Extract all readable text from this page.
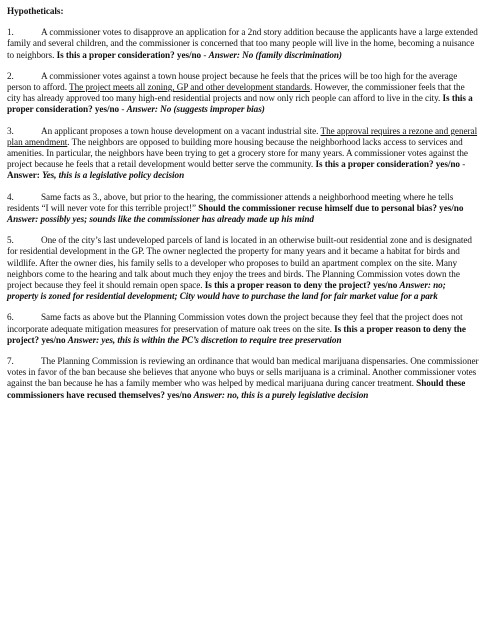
Hypotheticals:
1.	A commissioner votes to disapprove an application for a 2nd story addition because the applicants have a large extended family and several children, and the commissioner is concerned that too many people will live in the home, becoming a nuisance to neighbors. Is this a proper consideration? yes/no - Answer: No (family discrimination)
2.	A commissioner votes against a town house project because he feels that the prices will be too high for the average person to afford. The project meets all zoning, GP and other development standards. However, the commissioner feels that the city has already approved too many high-end residential projects and now only rich people can afford to live in the city. Is this a proper consideration? yes/no - Answer: No (suggests improper bias)
3.	An applicant proposes a town house development on a vacant industrial site. The approval requires a rezone and general plan amendment. The neighbors are opposed to building more housing because the neighborhood lacks access to services and amenities. In particular, the neighbors have been trying to get a grocery store for many years. A commissioner votes against the project because he feels that a retail development would better serve the community. Is this a proper consideration? yes/no - Answer: Yes, this is a legislative policy decision
4.	Same facts as 3., above, but prior to the hearing, the commissioner attends a neighborhood meeting where he tells residents “I will never vote for this terrible project!” Should the commissioner recuse himself due to personal bias? yes/no Answer: possibly yes; sounds like the commissioner has already made up his mind
5.	One of the city’s last undeveloped parcels of land is located in an otherwise built-out residential zone and is designated for residential development in the GP. The owner neglected the property for many years and it became a habitat for birds and wildlife. After the owner dies, his family sells to a developer who proposes to build an apartment complex on the site. Many neighbors come to the hearing and talk about much they enjoy the trees and birds. The Planning Commission votes down the project because they feel it should remain open space. Is this a proper reason to deny the project? yes/no Answer: no; property is zoned for residential development; City would have to purchase the land for fair market value for a park
6.	Same facts as above but the Planning Commission votes down the project because they feel that the project does not incorporate adequate mitigation measures for preservation of mature oak trees on the site. Is this a proper reason to deny the project? yes/no Answer: yes, this is within the PC’s discretion to require tree preservation
7.	The Planning Commission is reviewing an ordinance that would ban medical marijuana dispensaries. One commissioner votes in favor of the ban because she believes that anyone who buys or sells marijuana is a criminal. Another commissioner votes against the ban because he has a family member who was helped by medical marijuana during cancer treatment. Should these commissioners have recused themselves? yes/no Answer: no, this is a purely legislative decision
